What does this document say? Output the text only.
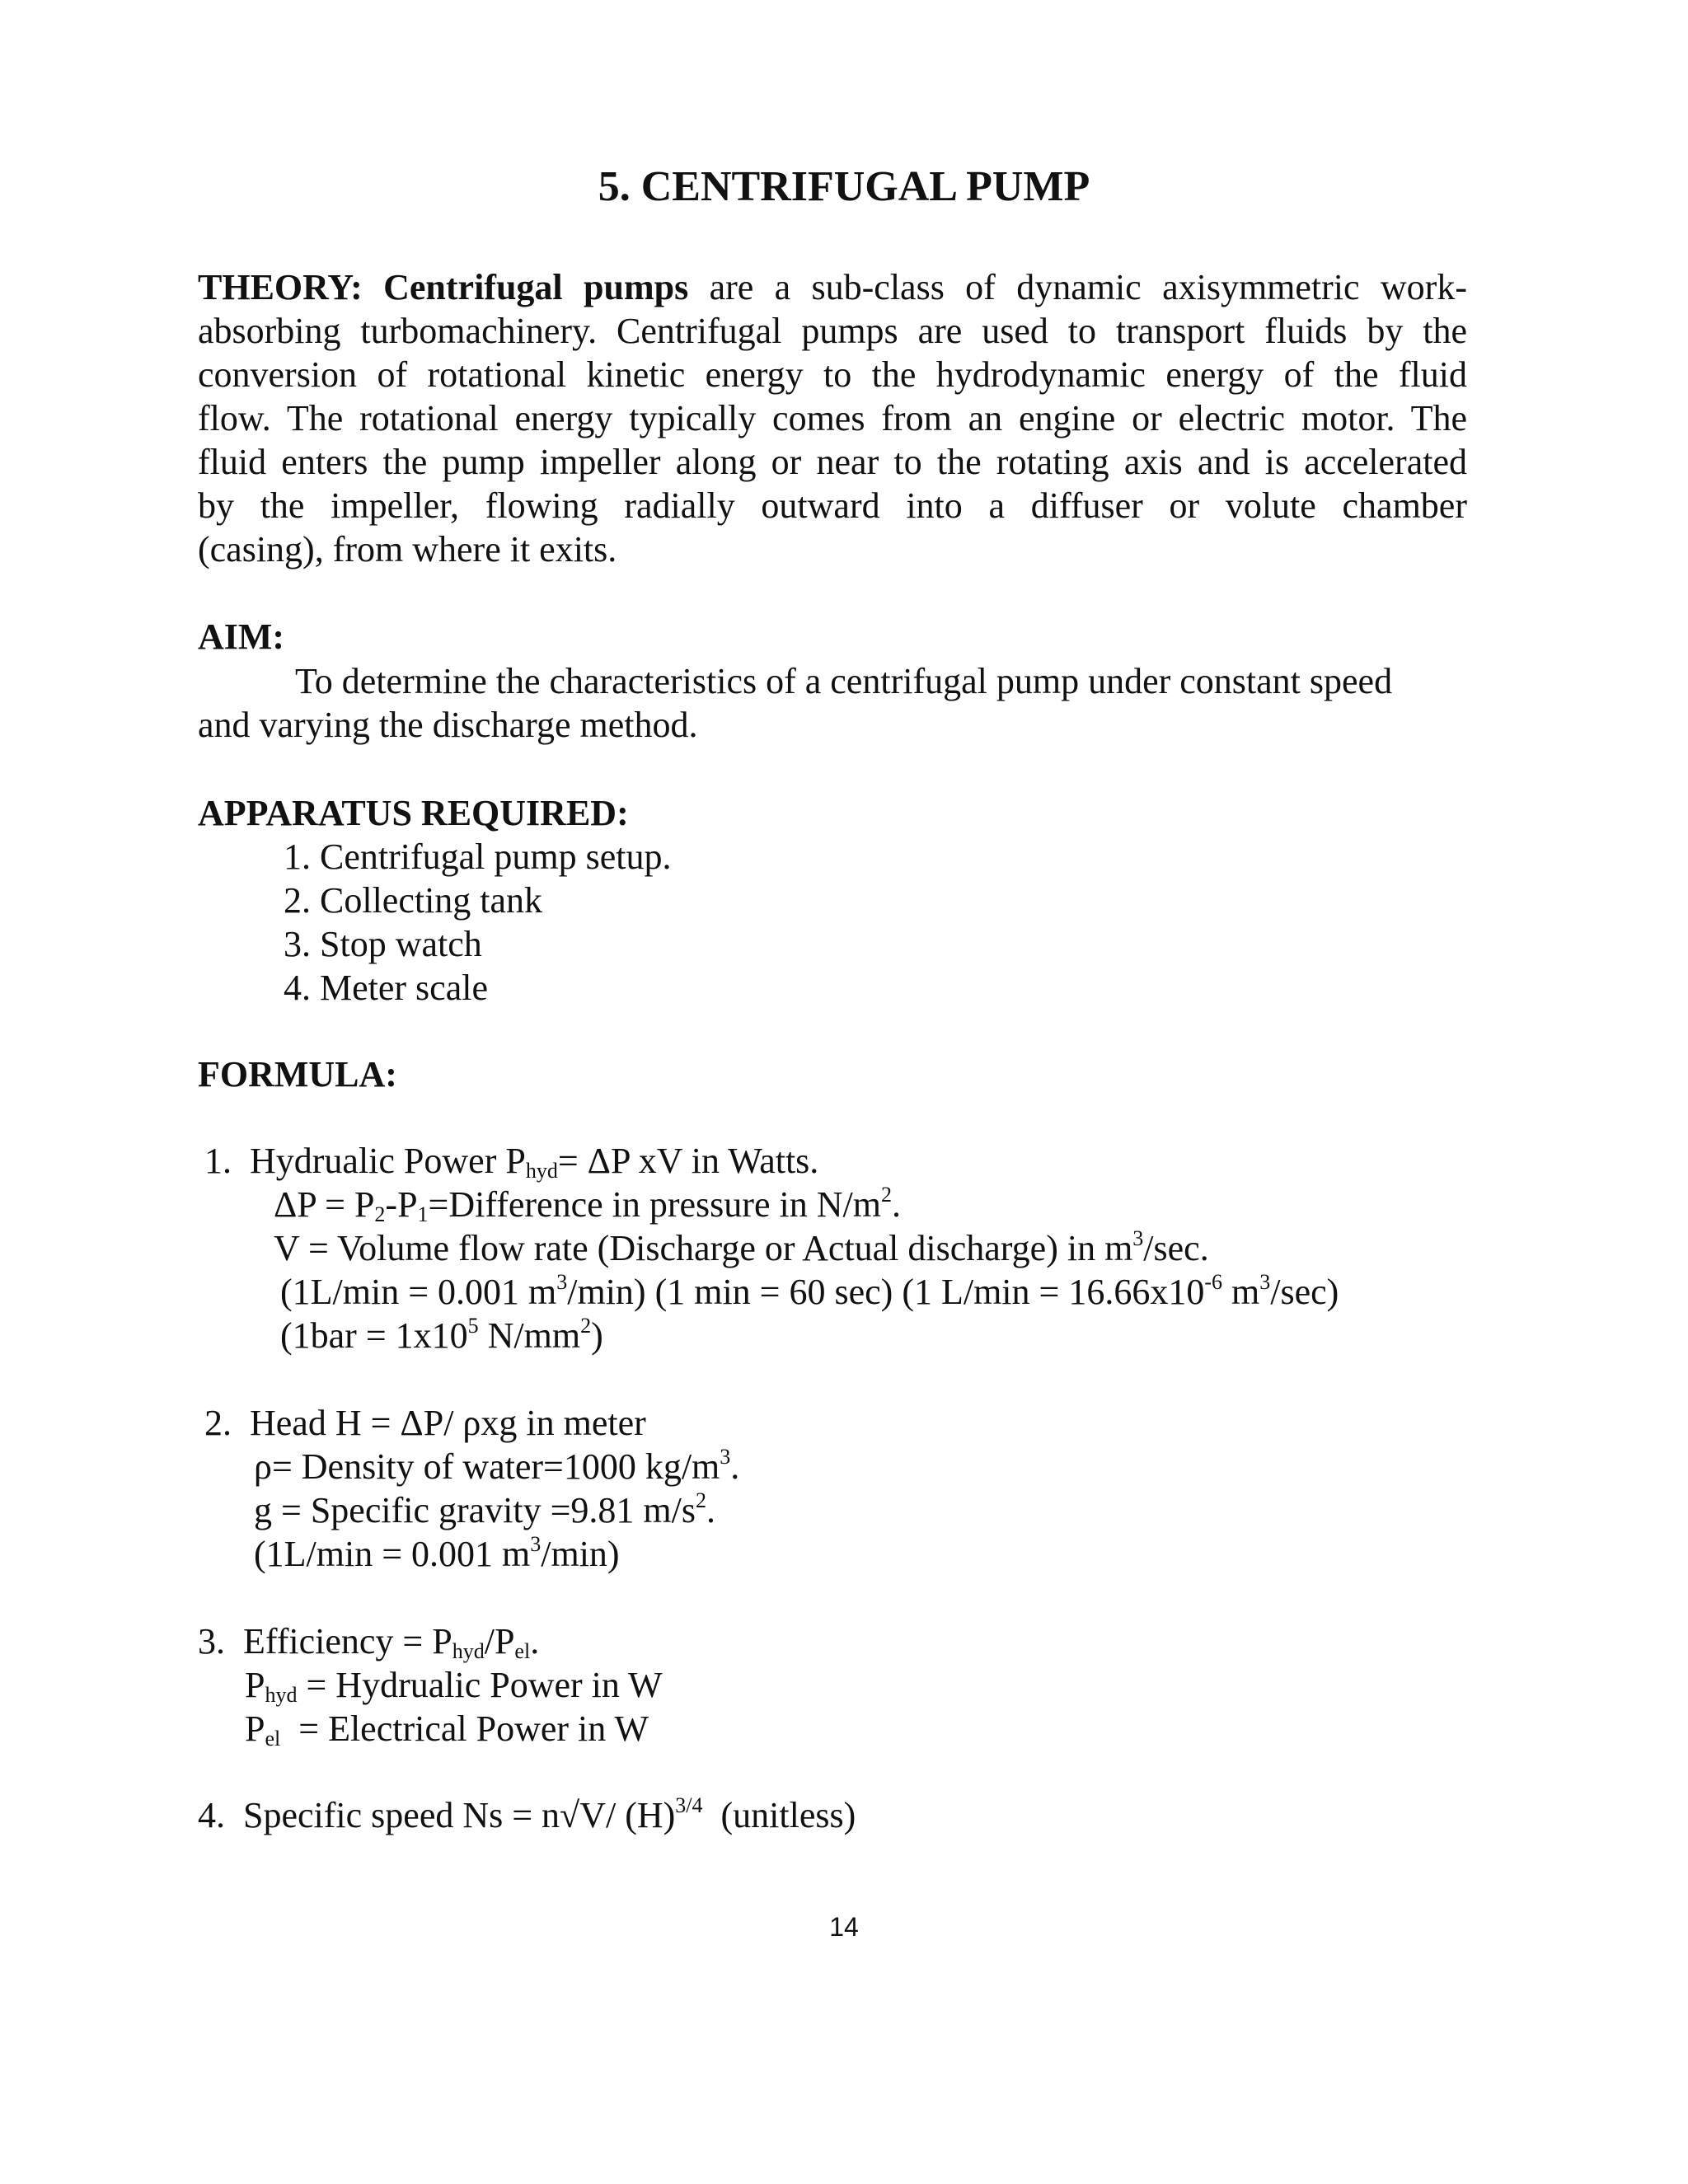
5. CENTRIFUGAL PUMP
THEORY: Centrifugal pumps are a sub-class of dynamic axisymmetric work-
absorbing turbomachinery. Centrifugal pumps are used to transport fluids by the
conversion of rotational kinetic energy to the hydrodynamic energy of the fluid
flow. The rotational energy typically comes from an engine or electric motor. The
fluid enters the pump impeller along or near to the rotating axis and is accelerated
by the impeller, flowing radially outward into a diffuser or volute chamber
(casing), from where it exits.
AIM:
To determine the characteristics of a centrifugal pump under constant speed
and varying the discharge method.
APPARATUS REQUIRED:
1. Centrifugal pump setup.
2. Collecting tank
3. Stop watch
4. Meter scale
FORMULA:
1. Hydrualic Power $P_{hyd}= \Delta P$ xV in Watts.
$\Delta P = P_2-P_1=Difference$ in pressure in $N/m^2$.
V = Volume flow rate (Discharge or Actual discharge) in $m^3/\sec$.
(1L/min = 0.001 $m^3/\min$) (1 min = 60 sec) (1 $L/\min = 16.66x10^{-6}$ $m^3/\sec$)
($1bar = 1x10^5$ $N/mm^2$)
2. Head H = ΔP/ ρxg in meter
ρ= Density of water=1000 $kg/m^3$.
g = Specific gravity =9.81 $m/s^2$.
(1L/min = 0.001 $m^3/\min$)
3. Efficiency = $P_{hyd}/P_{el}$.
$P_{hyd}$ = Hydrualic Power in W
$P_{el}$  = Electrical Power in W
4. Specific speed Ns = n√V/ $(H)^{3/4}$  (unitless)
14
